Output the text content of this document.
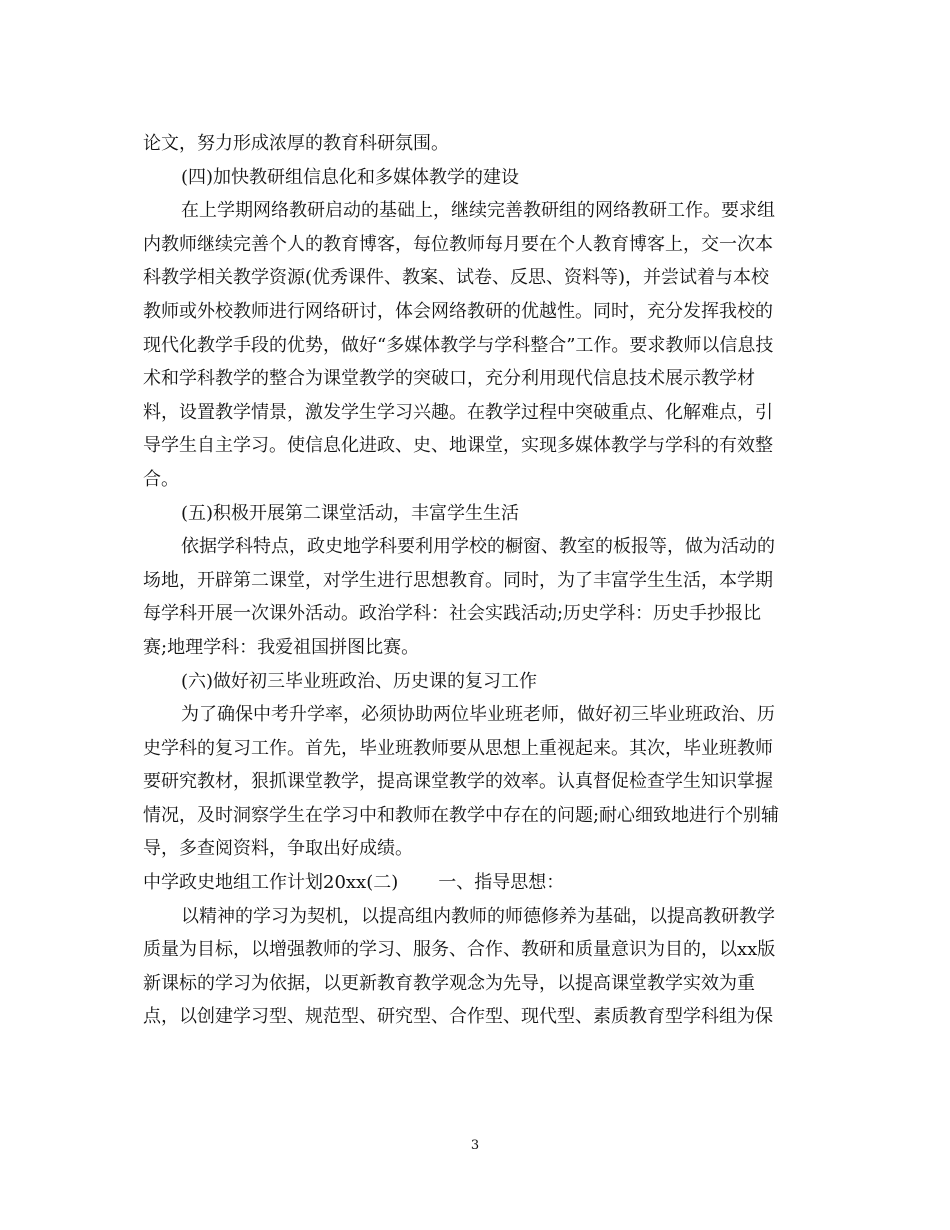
论文，努力形成浓厚的教育科研氛围。
(四)加快教研组信息化和多媒体教学的建设
在上学期网络教研启动的基础上，继续完善教研组的网络教研工作。要求组
内教师继续完善个人的教育博客，每位教师每月要在个人教育博客上，交一次本
科教学相关教学资源(优秀课件、教案、试卷、反思、资料等)，并尝试着与本校
教师或外校教师进行网络研讨，体会网络教研的优越性。同时，充分发挥我校的
现代化教学手段的优势，做好“多媒体教学与学科整合”工作。要求教师以信息技
术和学科教学的整合为课堂教学的突破口，充分利用现代信息技术展示教学材
料，设置教学情景，激发学生学习兴趣。在教学过程中突破重点、化解难点，引
导学生自主学习。使信息化进政、史、地课堂，实现多媒体教学与学科的有效整
合。
(五)积极开展第二课堂活动，丰富学生生活
依据学科特点，政史地学科要利用学校的橱窗、教室的板报等，做为活动的
场地，开辟第二课堂，对学生进行思想教育。同时，为了丰富学生生活，本学期
每学科开展一次课外活动。政治学科：社会实践活动;历史学科：历史手抄报比
赛;地理学科：我爱祖国拼图比赛。
(六)做好初三毕业班政治、历史课的复习工作
为了确保中考升学率，必须协助两位毕业班老师，做好初三毕业班政治、历
史学科的复习工作。首先，毕业班教师要从思想上重视起来。其次，毕业班教师
要研究教材，狠抓课堂教学，提高课堂教学的效率。认真督促检查学生知识掌握
情况，及时洞察学生在学习中和教师在教学中存在的问题;耐心细致地进行个别辅
导，多查阅资料，争取出好成绩。
中学政史地组工作计划20xx(二) 一、指导思想：
以精神的学习为契机，以提高组内教师的师德修养为基础，以提高教研教学
质量为目标，以增强教师的学习、服务、合作、教研和质量意识为目的，以xx版
新课标的学习为依据，以更新教育教学观念为先导，以提高课堂教学实效为重
点，以创建学习型、规范型、研究型、合作型、现代型、素质教育型学科组为保
3
